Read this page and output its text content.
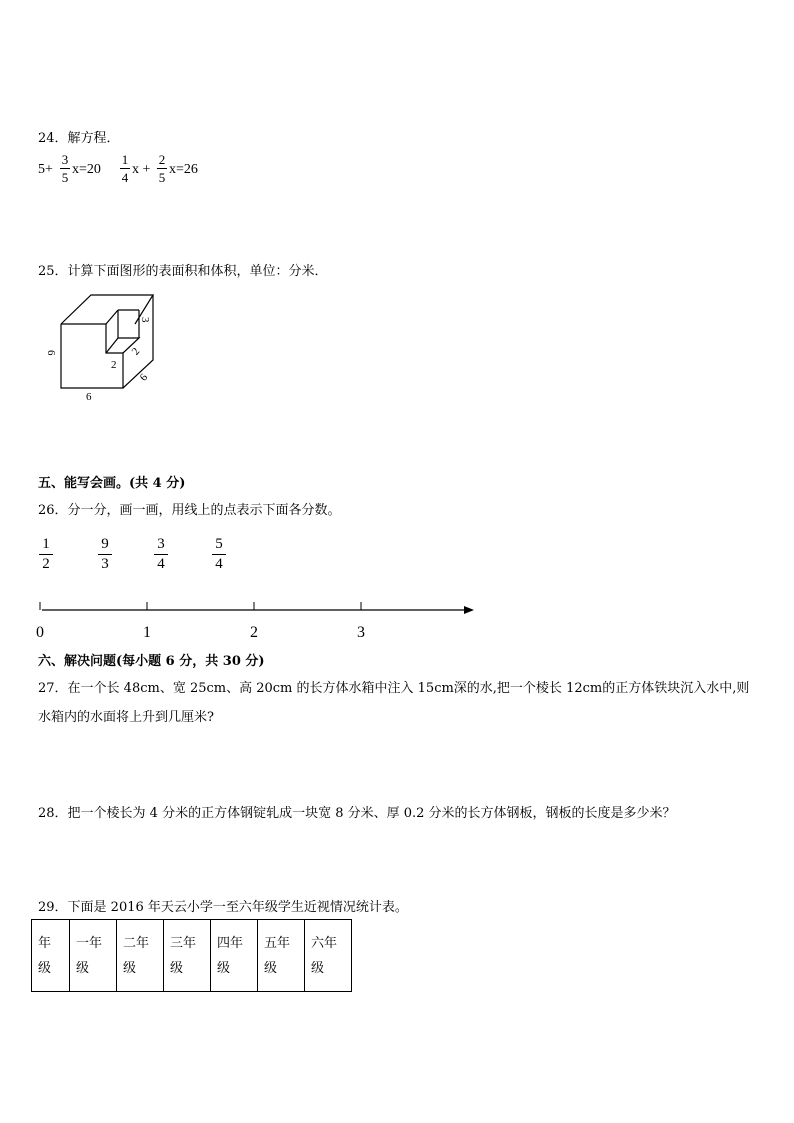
24．解方程．
5+
3
5
x=20
1
4
x +
2
5
x=26
25．计算下面图形的表面积和体积，单位：分米．
6
6
6
3
2
2
五、能写会画。(共 4 分)
26．分一分，画一画，用线上的点表示下面各分数。
1
2
9
3
3
4
5
4
0	1	2	3
六、解决问题(每小题 6 分，共 30 分)
27．在一个长 48cm、宽 25cm、高 20cm 的长方体水箱中注入 15cm深的水,把一个棱长 12cm的正方体铁块沉入水中,则
水箱内的水面将上升到几厘米?
28．把一个棱长为 4 分米的正方体钢锭轧成一块宽 8 分米、厚 0.2 分米的长方体钢板，钢板的长度是多少米？
29．下面是 2016 年天云小学一至六年级学生近视情况统计表。
年
级

一年
级

二年
级

三年
级

四年
级

五年
级

六年
级
